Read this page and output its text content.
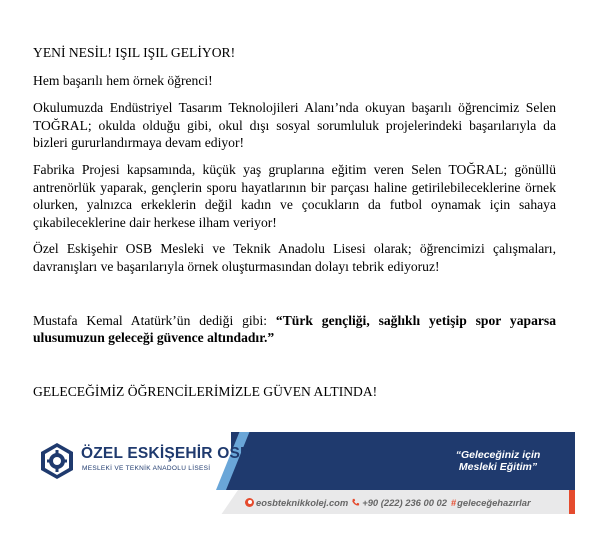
YENİ NESİL! IŞIL IŞIL GELİYOR!

Hem başarılı hem örnek öğrenci!

Okulumuzda Endüstriyel Tasarım Teknolojileri Alanı’nda okuyan başarılı öğrencimiz Selen TOĞRAL; okulda olduğu gibi, okul dışı sosyal sorumluluk projelerindeki başarılarıyla da bizleri gururlandırmaya devam ediyor!

Fabrika Projesi kapsamında, küçük yaş gruplarına eğitim veren Selen TOĞRAL; gönüllü antrenörlük yaparak, gençlerin sporu hayatlarının bir parçası haline getirilebileceklerine örnek olurken, yalnızca erkeklerin değil kadın ve çocukların da futbol oynamak için sahaya çıkabileceklerine dair herkese ilham veriyor!

Özel Eskişehir OSB Mesleki ve Teknik Anadolu Lisesi olarak; öğrencimizi çalışmaları, davranışları ve başarılarıyla örnek oluşturmasından dolayı tebrik ediyoruz!

Mustafa Kemal Atatürk’ün dediği gibi: “Türk gençliği, sağlıklı yetişip spor yaparsa ulusumuzun geleceği güvence altındadır.”

GELECEĞİMİZ ÖĞRENCİLERİMİZLE GÜVEN ALTINDA!

ÖZEL ESKİŞEHİR OSB
MESLEKİ VE TEKNİK ANADOLU LİSESİ
“Geleceğiniz için
Mesleki Eğitim”
eosbteknikkolej.com +90 (222) 236 00 02 # geleceğehazırlar
